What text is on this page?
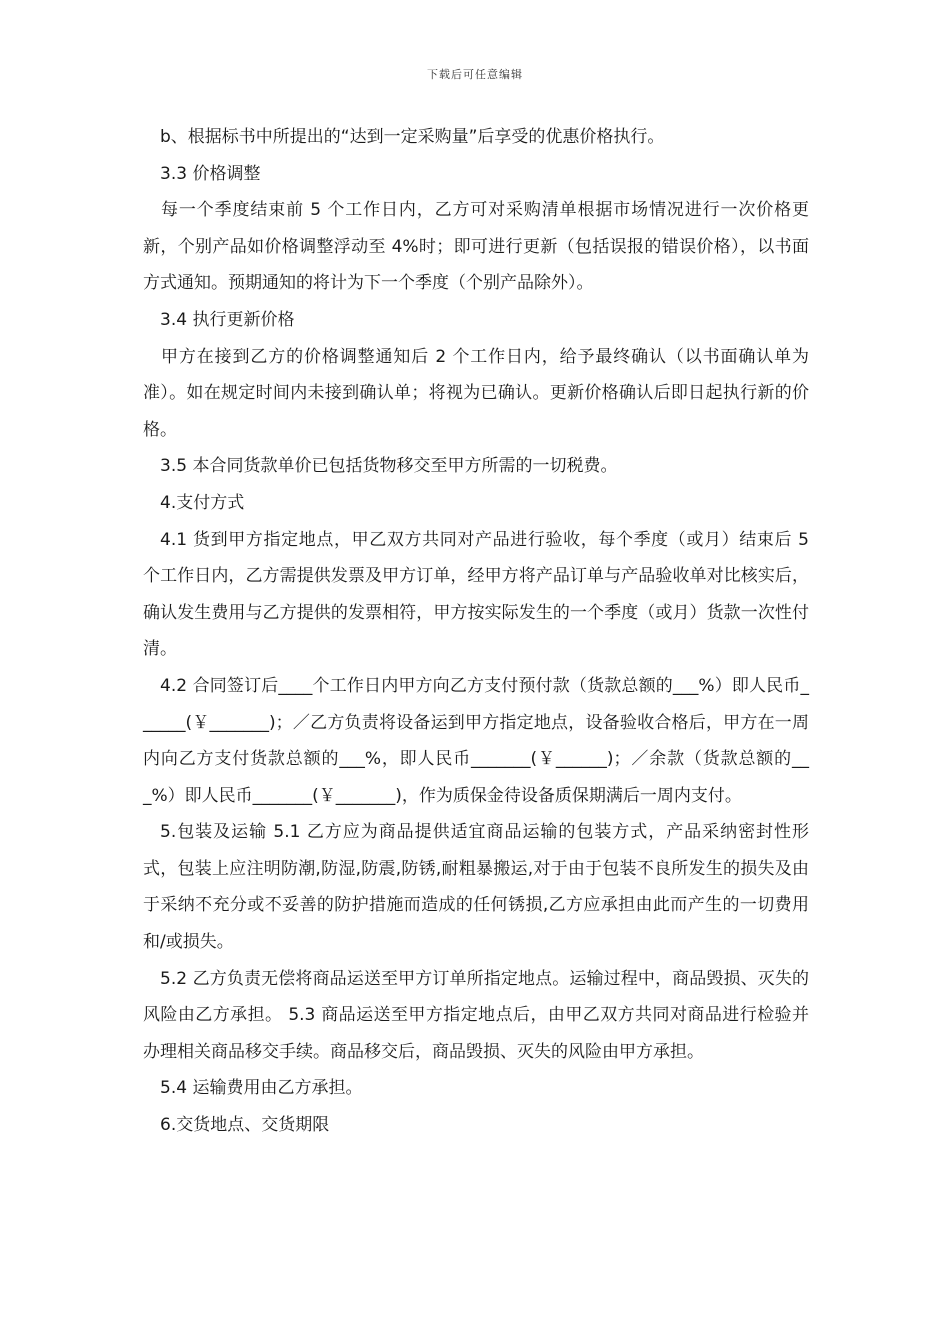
下载后可任意编辑

b、根据标书中所提出的“达到一定采购量”后享受的优惠价格执行。

3.3 价格调整

每一个季度结束前 5 个工作日内，乙方可对采购清单根据市场情况进行一次价格更新，个别产品如价格调整浮动至 4%时；即可进行更新（包括误报的错误价格），以书面方式通知。预期通知的将计为下一个季度（个别产品除外）。

3.4 执行更新价格

甲方在接到乙方的价格调整通知后 2 个工作日内，给予最终确认（以书面确认单为准）。如在规定时间内未接到确认单；将视为已确认。更新价格确认后即日起执行新的价格。

3.5 本合同货款单价已包括货物移交至甲方所需的一切税费。

4.支付方式

4.1 货到甲方指定地点，甲乙双方共同对产品进行验收，每个季度（或月）结束后 5 个工作日内，乙方需提供发票及甲方订单，经甲方将产品订单与产品验收单对比核实后，确认发生费用与乙方提供的发票相符，甲方按实际发生的一个季度（或月）货款一次性付清。

4.2 合同签订后____个工作日内甲方向乙方支付预付款（货款总额的___%）即人民币______(￥_______)；／乙方负责将设备运到甲方指定地点，设备验收合格后，甲方在一周内向乙方支付货款总额的___%，即人民币_______(￥______)；／余款（货款总额的___%）即人民币_______(￥_______)，作为质保金待设备质保期满后一周内支付。

5.包装及运输 5.1 乙方应为商品提供适宜商品运输的包装方式，产品采纳密封性形式，包装上应注明防潮,防湿,防震,防锈,耐粗暴搬运,对于由于包装不良所发生的损失及由于采纳不充分或不妥善的防护措施而造成的任何锈损,乙方应承担由此而产生的一切费用和/或损失。

5.2 乙方负责无偿将商品运送至甲方订单所指定地点。运输过程中，商品毁损、灭失的风险由乙方承担。 5.3 商品运送至甲方指定地点后，由甲乙双方共同对商品进行检验并办理相关商品移交手续。商品移交后，商品毁损、灭失的风险由甲方承担。

5.4 运输费用由乙方承担。

6.交货地点、交货期限
